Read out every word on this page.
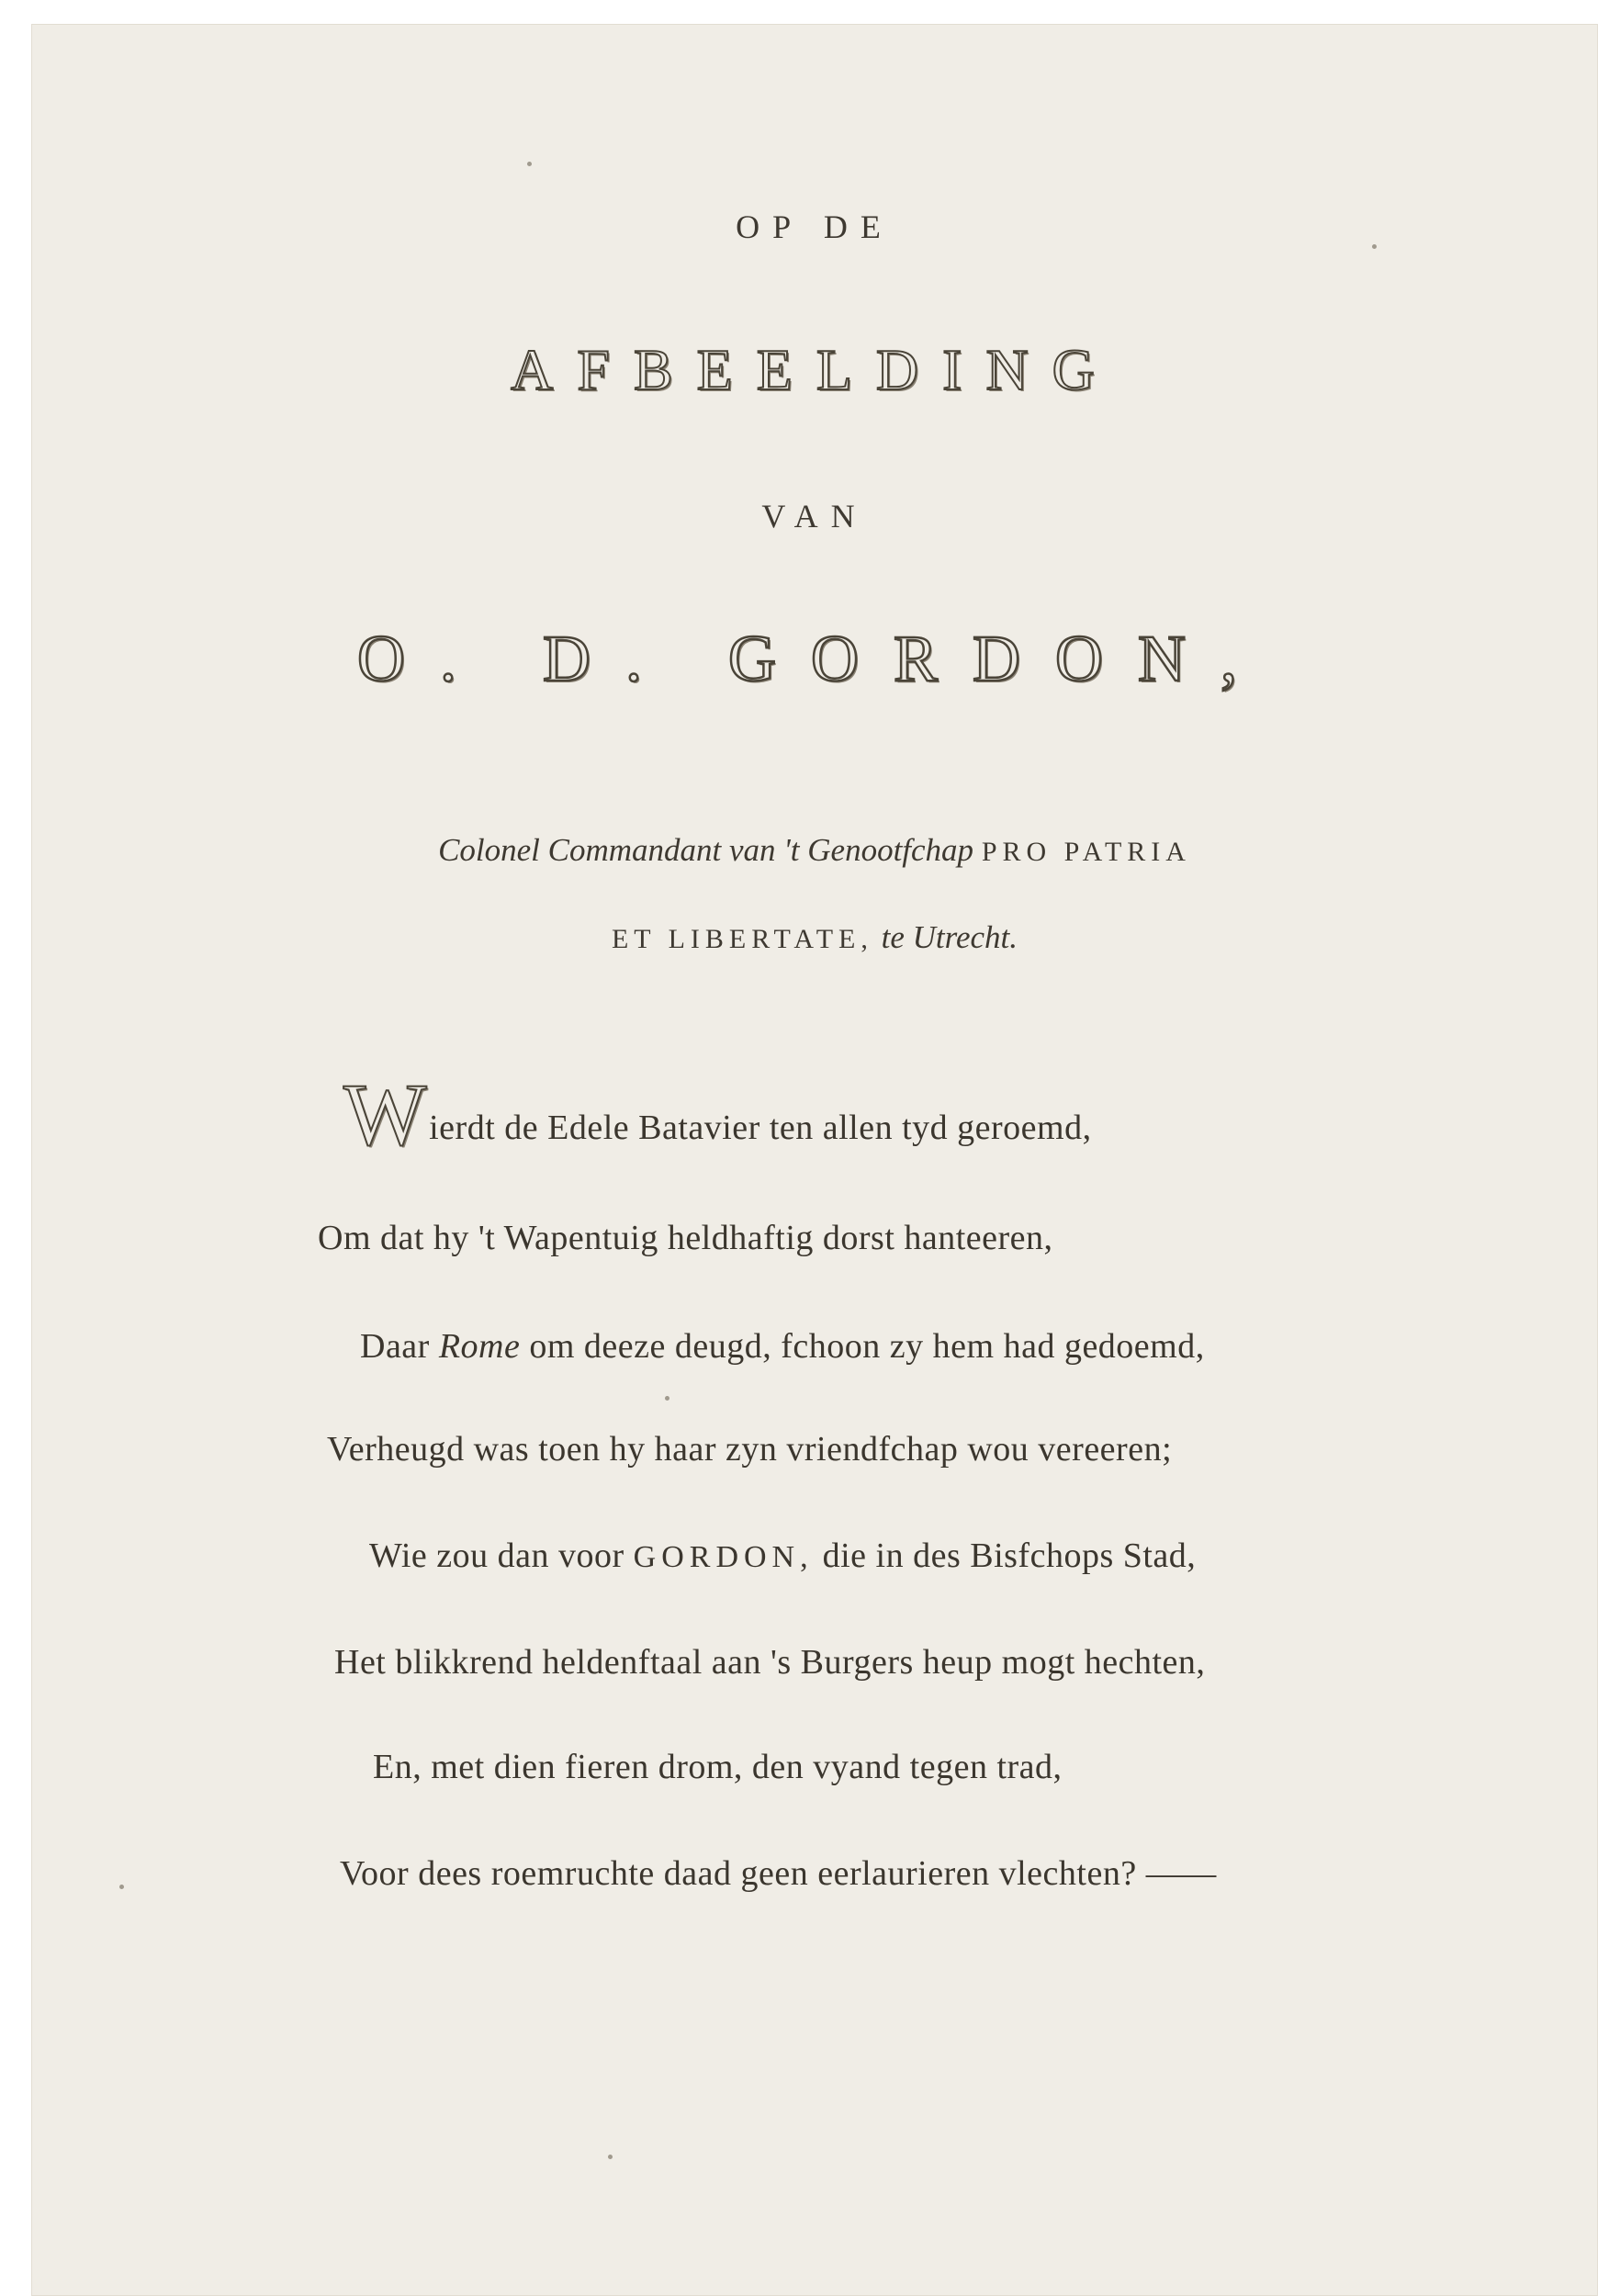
OP DE
AFBEELDING
VAN
O. D. GORDON,
Colonel Commandant van 't Genootfchap PRO PATRIA
ET LIBERTATE, te Utrecht.
Wierdt de Edele Batavier ten allen tyd geroemd,
Om dat hy 't Wapentuig heldhaftig dorst hanteeren,
Daar Rome om deeze deugd, fchoon zy hem had gedoemd,
Verheugd was toen hy haar zyn vriendfchap wou vereeren;
Wie zou dan voor GORDON, die in des Bisfchops Stad,
Het blikkrend heldenftaal aan 's Burgers heup mogt hechten,
En, met dien fieren drom, den vyand tegen trad,
Voor dees roemruchte daad geen eerlaurieren vlechten? ——
